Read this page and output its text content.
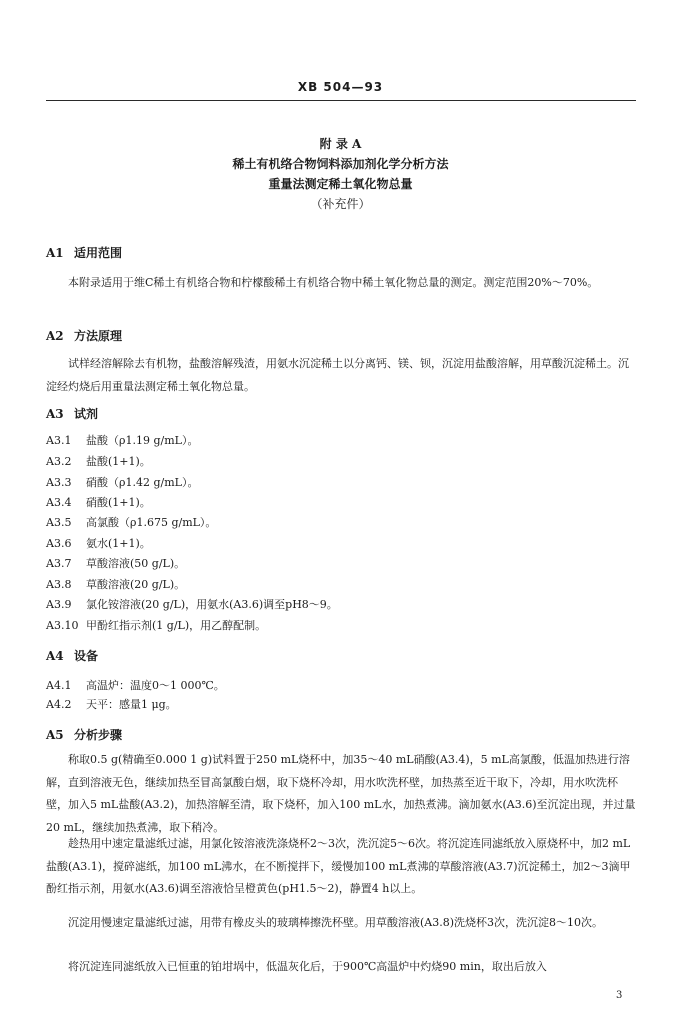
XB 504—93
附 录 A
稀土有机络合物饲料添加剂化学分析方法
重量法测定稀土氧化物总量
（补充件）
A1 适用范围
本附录适用于维C稀土有机络合物和柠檬酸稀土有机络合物中稀土氧化物总量的测定。测定范围20%～70%。
A2 方法原理
试样经溶解除去有机物，盐酸溶解残渣，用氨水沉淀稀土以分离钙、镁、钡，沉淀用盐酸溶解，用草酸沉淀稀土。沉淀经灼烧后用重量法测定稀土氧化物总量。
A3 试剂
A3.1 盐酸（ρ1.19 g/mL）。
A3.2 盐酸(1+1)。
A3.3 硝酸（ρ1.42 g/mL）。
A3.4 硝酸(1+1)。
A3.5 高氯酸（ρ1.675 g/mL）。
A3.6 氨水(1+1)。
A3.7 草酸溶液(50 g/L)。
A3.8 草酸溶液(20 g/L)。
A3.9 氯化铵溶液(20 g/L)，用氨水(A3.6)调至pH8～9。
A3.10 甲酚红指示剂(1 g/L)，用乙醇配制。
A4 设备
A4.1 高温炉：温度0～1 000℃。
A4.2 天平：感量1 μg。
A5 分析步骤
称取0.5 g(精确至0.000 1 g)试料置于250 mL烧杯中，加35～40 mL硝酸(A3.4)，5 mL高氯酸，低温加热进行溶解，直到溶液无色，继续加热至冒高氯酸白烟，取下烧杯冷却，用水吹洗杯壁，加热蒸至近干取下，冷却，用水吹洗杯壁，加入5 mL盐酸(A3.2)，加热溶解至清，取下烧杯，加入100 mL水，加热煮沸。滴加氨水(A3.6)至沉淀出现，并过量20 mL，继续加热煮沸，取下稍冷。
趁热用中速定量滤纸过滤，用氯化铵溶液洗涤烧杯2～3次，洗沉淀5～6次。将沉淀连同滤纸放入原烧杯中，加2 mL盐酸(A3.1)，搅碎滤纸，加100 mL沸水，在不断搅拌下，缓慢加100 mL煮沸的草酸溶液(A3.7)沉淀稀土，加2～3滴甲酚红指示剂，用氨水(A3.6)调至溶液恰呈橙黄色(pH1.5～2)，静置4 h以上。
沉淀用慢速定量滤纸过滤，用带有橡皮头的玻璃棒擦洗杯壁。用草酸溶液(A3.8)洗烧杯3次，洗沉淀8～10次。
将沉淀连同滤纸放入已恒重的铂坩埚中，低温灰化后，于900℃高温炉中灼烧90 min，取出后放入
3
